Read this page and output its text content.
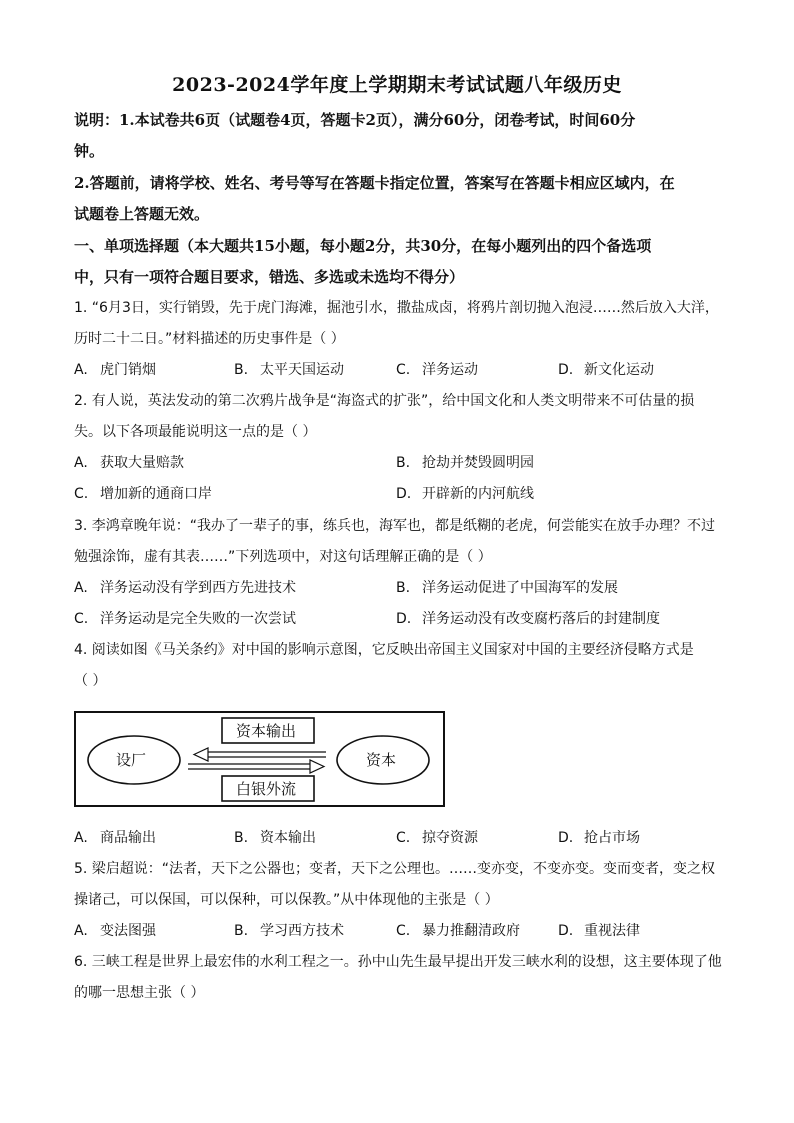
2023-2024学年度上学期期末考试试题八年级历史
说明：1.本试卷共6页（试题卷4页，答题卡2页），满分60分，闭卷考试，时间60分
钟。
2.答题前，请将学校、姓名、考号等写在答题卡指定位置，答案写在答题卡相应区域内，在
试题卷上答题无效。
一、单项选择题（本大题共15小题，每小题2分，共30分，在每小题列出的四个备选项
中，只有一项符合题目要求，错选、多选或未选均不得分）
1. “6月3日，实行销毁，先于虎门海滩，掘池引水，撒盐成卤，将鸦片剖切抛入泡浸……然后放入大洋，
历时二十二日。”材料描述的历史事件是（ ）
A. 虎门销烟	B. 太平天国运动	C. 洋务运动	D. 新文化运动
2. 有人说，英法发动的第二次鸦片战争是“海盗式的扩张”，给中国文化和人类文明带来不可估量的损
失。以下各项最能说明这一点的是（ ）
A. 获取大量赔款	B. 抢劫并焚毁圆明园
C. 增加新的通商口岸	D. 开辟新的内河航线
3. 李鸿章晚年说：“我办了一辈子的事，练兵也，海军也，都是纸糊的老虎，何尝能实在放手办理？不过
勉强涂饰，虚有其表……”下列选项中，对这句话理解正确的是（ ）
A. 洋务运动没有学到西方先进技术	B. 洋务运动促进了中国海军的发展
C. 洋务运动是完全失败的一次尝试	D. 洋务运动没有改变腐朽落后的封建制度
4. 阅读如图《马关条约》对中国的影响示意图，它反映出帝国主义国家对中国的主要经济侵略方式是
（ ）
设厂	资本
资本输出
白银外流
A. 商品输出	B. 资本输出	C. 掠夺资源	D. 抢占市场
5. 梁启超说：“法者，天下之公器也；变者，天下之公理也。……变亦变，不变亦变。变而变者，变之权
操诸己，可以保国，可以保种，可以保教。”从中体现他的主张是（ ）
A. 变法图强	B. 学习西方技术	C. 暴力推翻清政府	D. 重视法律
6. 三峡工程是世界上最宏伟的水利工程之一。孙中山先生最早提出开发三峡水利的设想，这主要体现了他
的哪一思想主张（ ）
